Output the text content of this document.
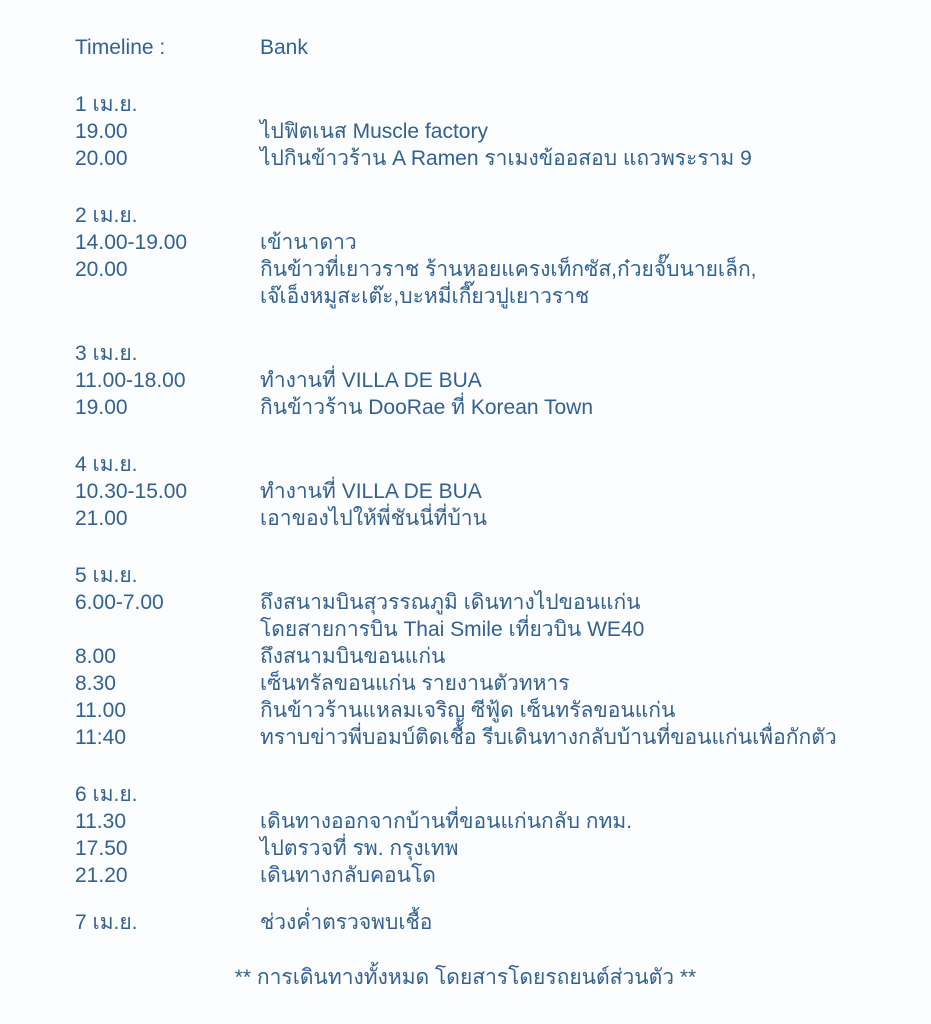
Timeline :	Bank
1 เม.ย.
19.00	ไปฟิตเนส Muscle factory
20.00	ไปกินข้าวร้าน A Ramen ราเมงข้ออสอบ แถวพระราม 9
2 เม.ย.
14.00-19.00	เข้านาดาว
20.00	กินข้าวที่เยาวราช ร้านหอยแครงเท็กซัส,ก๋วยจั๊บนายเล็ก,
เจ๊เอ็งหมูสะเต๊ะ,บะหมี่เกี๊ยวปูเยาวราช
3 เม.ย.
11.00-18.00	ทำงานที่ VILLA DE BUA
19.00	กินข้าวร้าน DooRae ที่ Korean Town
4 เม.ย.
10.30-15.00	ทำงานที่ VILLA DE BUA
21.00	เอาของไปให้พี่ชันนี่ที่บ้าน
5 เม.ย.
6.00-7.00	ถึงสนามบินสุวรรณภูมิ เดินทางไปขอนแก่น
โดยสายการบิน Thai Smile เที่ยวบิน WE40
8.00	ถึงสนามบินขอนแก่น
8.30	เซ็นทรัลขอนแก่น รายงานตัวทหาร
11.00	กินข้าวร้านแหลมเจริญ ซีฟู้ด เซ็นทรัลขอนแก่น
11:40	ทราบข่าวพี่บอมบ์ติดเชื้อ รีบเดินทางกลับบ้านที่ขอนแก่นเพื่อกักตัว
6 เม.ย.
11.30	เดินทางออกจากบ้านที่ขอนแก่นกลับ กทม.
17.50	ไปตรวจที่ รพ. กรุงเทพ
21.20	เดินทางกลับคอนโด
7 เม.ย.	ช่วงค่ำตรวจพบเชื้อ
** การเดินทางทั้งหมด โดยสารโดยรถยนต์ส่วนตัว **
